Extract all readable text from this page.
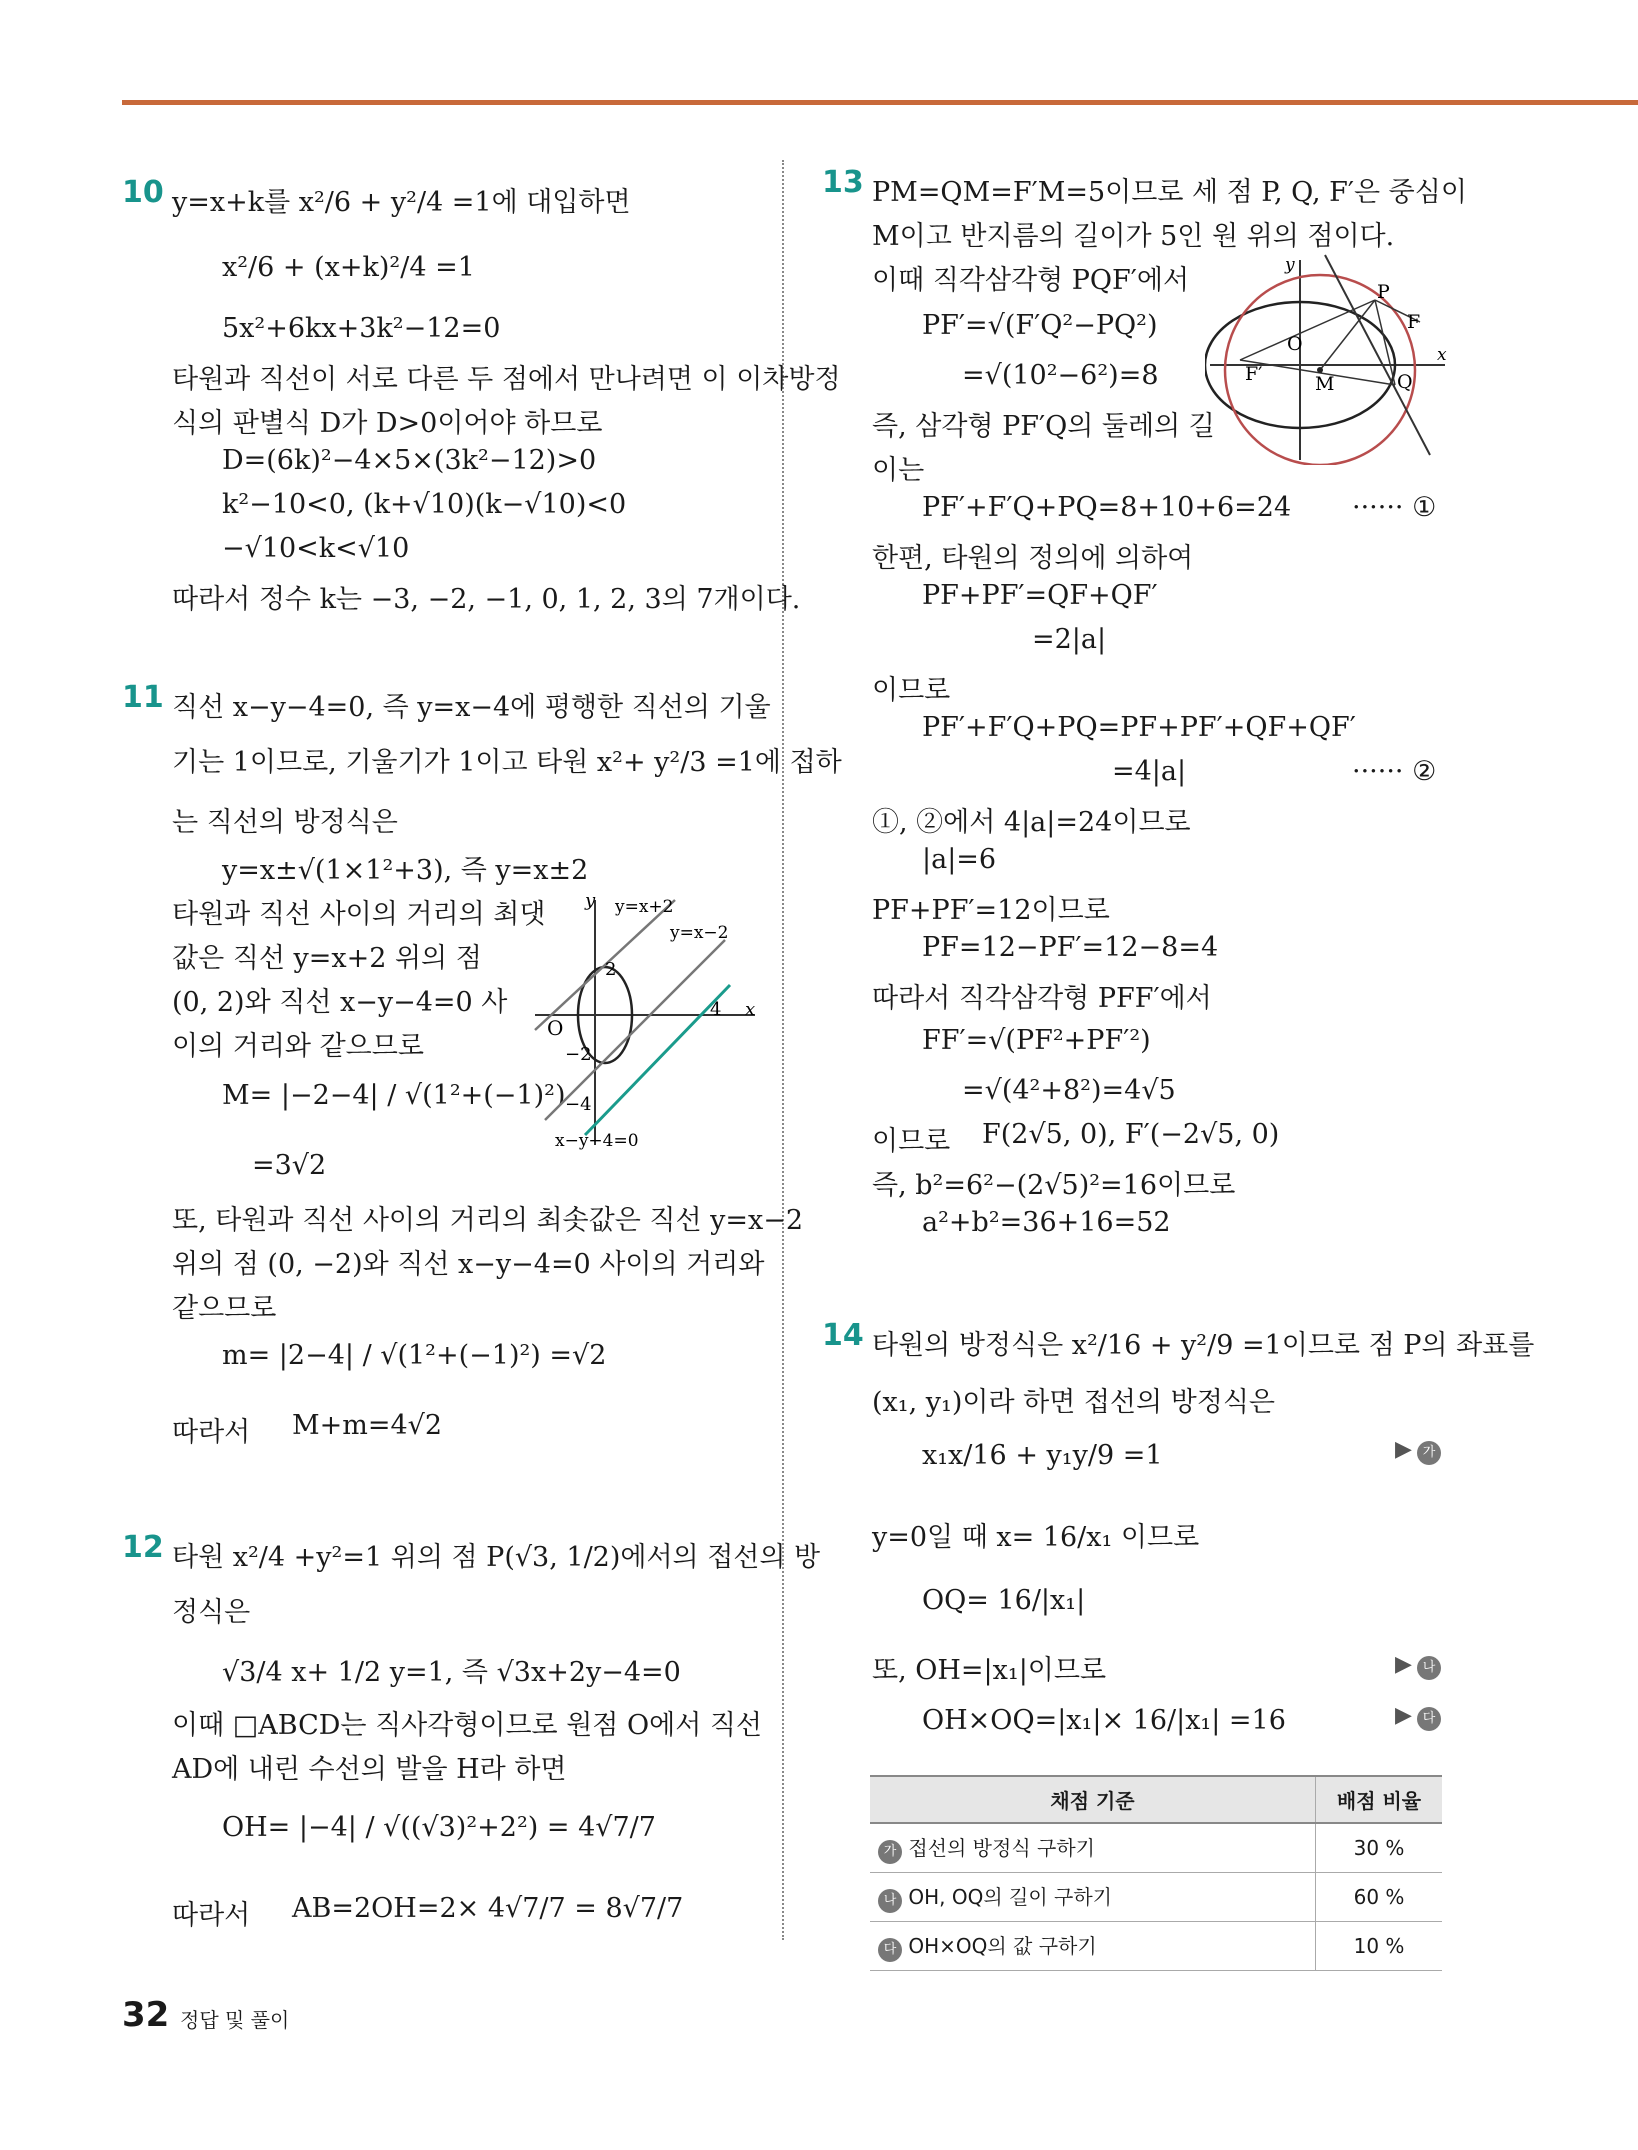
10 y=x+k를 x²/6 + y²/4 =1에 대입하면
x²/6 + (x+k)²/4 =1
5x²+6kx+3k²−12=0
타원과 직선이 서로 다른 두 점에서 만나려면 이 이차방정
식의 판별식 D가 D>0이어야 하므로
D=(6k)²−4×5×(3k²−12)>0
k²−10<0, (k+√10)(k−√10)<0
−√10<k<√10
따라서 정수 k는 −3, −2, −1, 0, 1, 2, 3의 7개이다.
11 직선 x−y−4=0, 즉 y=x−4에 평행한 직선의 기울
기는 1이므로, 기울기가 1이고 타원 x²+ y²/3 =1에 접하
는 직선의 방정식은
y=x±√(1×1²+3), 즉 y=x±2
타원과 직선 사이의 거리의 최댓
값은 직선 y=x+2 위의 점
(0, 2)와 직선 x−y−4=0 사
이의 거리와 같으므로
M= |−2−4| / √(1²+(−1)²)
=3√2
또, 타원과 직선 사이의 거리의 최솟값은 직선 y=x−2
위의 점 (0, −2)와 직선 x−y−4=0 사이의 거리와
같으므로
m= |2−4| / √(1²+(−1)²) =√2
따라서 M+m=4√2
O
2
4 x
y
−2
−4
y=x+2
y=x−2
x−y−4=0
12 타원 x²/4 +y²=1 위의 점 P(√3, 1/2)에서의 접선의 방
정식은
√3/4 x+ 1/2 y=1, 즉 √3x+2y−4=0
이때 □ABCD는 직사각형이므로 원점 O에서 직선
AD에 내린 수선의 발을 H라 하면
OH= |−4| / √((√3)²+2²) = 4√7/7
따라서 AB=2OH=2× 4√7/7 = 8√7/7
13 PM=QM=F′M=5이므로 세 점 P, Q, F′은 중심이
M이고 반지름의 길이가 5인 원 위의 점이다.
이때 직각삼각형 PQF′에서
PF′=√(F′Q²−PQ²)
=√(10²−6²)=8
즉, 삼각형 PF′Q의 둘레의 길
이는
PF′+F′Q+PQ=8+10+6=24 ······ ①
한편, 타원의 정의에 의하여
PF+PF′=QF+QF′
=2|a|
이므로
PF′+F′Q+PQ=PF+PF′+QF+QF′
=4|a|	······ ②
①, ②에서 4|a|=24이므로
|a|=6
PF+PF′=12이므로
PF=12−PF′=12−8=4
따라서 직각삼각형 PFF′에서
FF′=√(PF²+PF′²)
=√(4²+8²)=4√5
이므로 F(2√5, 0), F′(−2√5, 0)
즉, b²=6²−(2√5)²=16이므로
a²+b²=36+16=52
P
F
F′
O
M	Q
x
y
14 타원의 방정식은 x²/16 + y²/9 =1이므로 점 P의 좌표를
(x₁, y₁)이라 하면 접선의 방정식은
x₁x/16 + y₁y/9 =1
y=0일 때 x= 16/x₁ 이므로
OQ= 16/|x₁|
또, OH=|x₁|이므로
OH×OQ=|x₁|× 16/|x₁| =16
▶ 가
▶ 나
▶ 다
채점 기준	배점 비율
가 접선의 방정식 구하기	30 %
나 OH, OQ의 길이 구하기	60 %
다 OH×OQ의 값 구하기	10 %
32 정답 및 풀이
